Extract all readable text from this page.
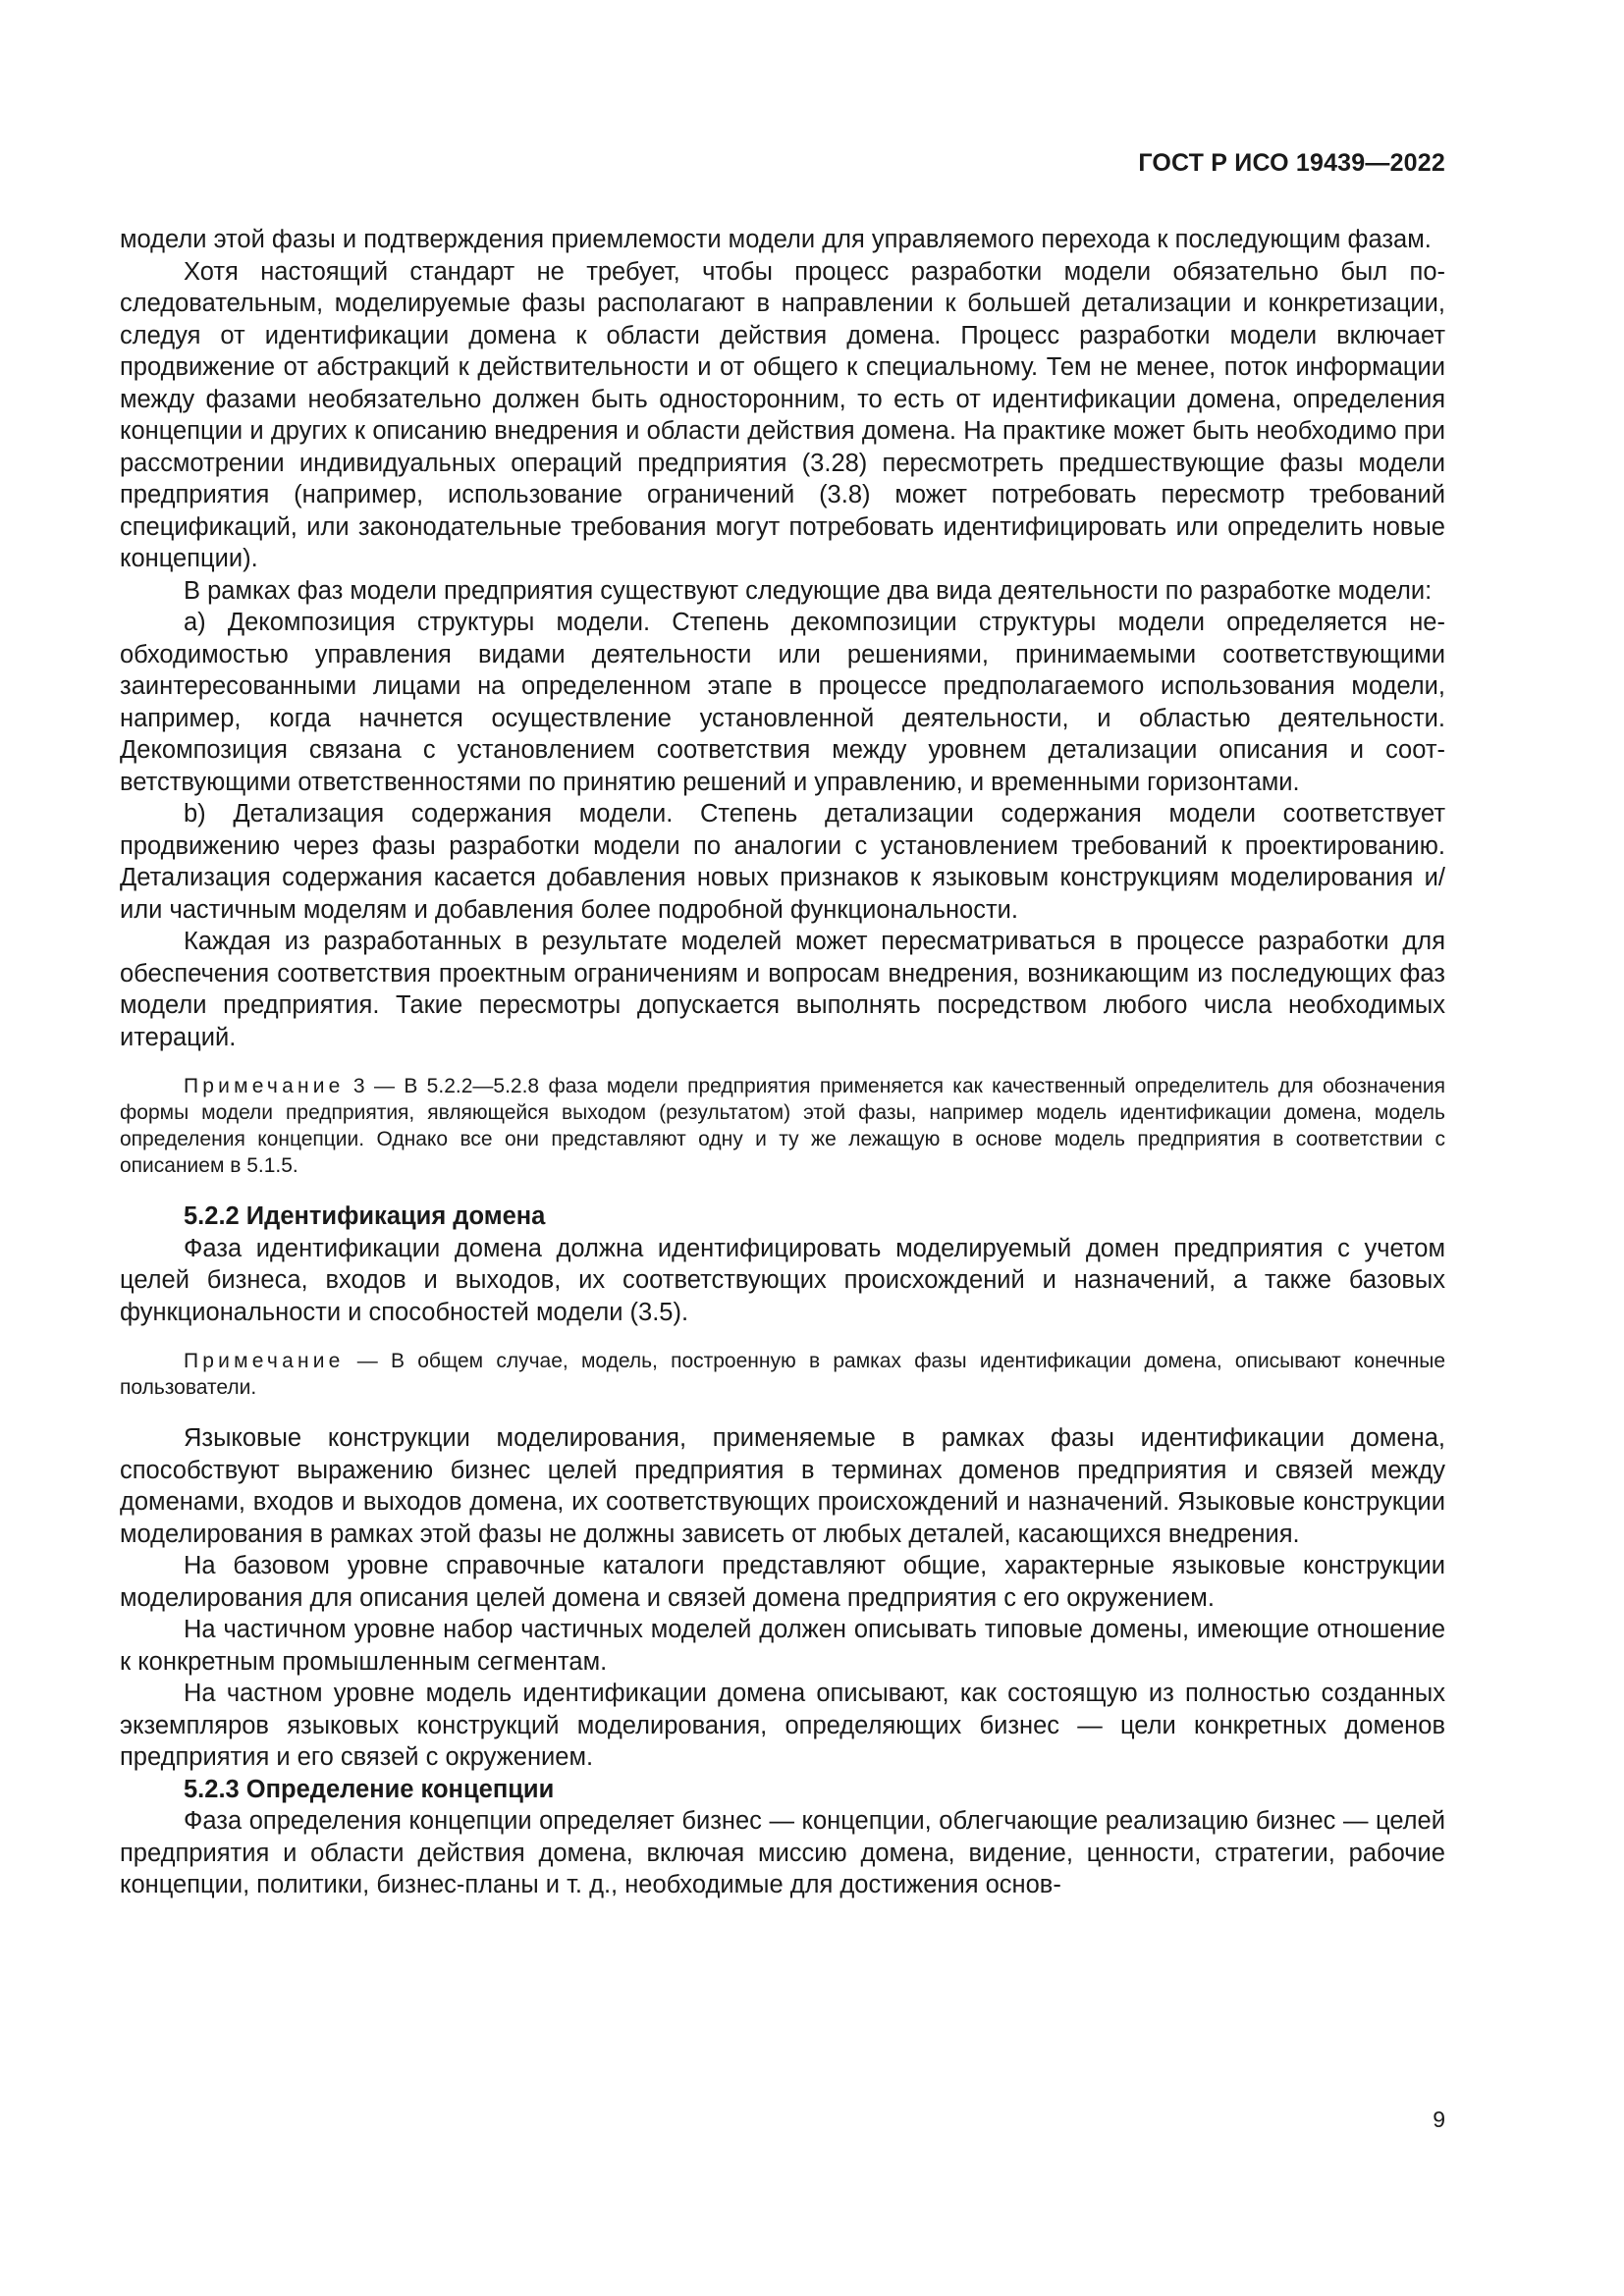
ГОСТ Р ИСО 19439—2022

модели этой фазы и подтверждения приемлемости модели для управляемого перехода к последующим фазам.

Хотя настоящий стандарт не требует, чтобы процесс разработки модели обязательно был последовательным, моделируемые фазы располагают в направлении к большей детализации и конкретизации, следуя от идентификации домена к области действия домена. Процесс разработки модели включает продвижение от абстракций к действительности и от общего к специальному. Тем не менее, поток информации между фазами необязательно должен быть односторонним, то есть от идентификации домена, определения концепции и других к описанию внедрения и области действия домена. На практике может быть необходимо при рассмотрении индивидуальных операций предприятия (3.28) пересмотреть предшествующие фазы модели предприятия (например, использование ограничений (3.8) может потребовать пересмотр требований спецификаций, или законодательные требования могут потребовать идентифицировать или определить новые концепции).

В рамках фаз модели предприятия существуют следующие два вида деятельности по разработке модели:

a) Декомпозиция структуры модели. Степень декомпозиции структуры модели определяется необходимостью управления видами деятельности или решениями, принимаемыми соответствующими заинтересованными лицами на определенном этапе в процессе предполагаемого использования модели, например, когда начнется осуществление установленной деятельности, и областью деятельности. Декомпозиция связана с установлением соответствия между уровнем детализации описания и соответствующими ответственностями по принятию решений и управлению, и временными горизонтами.

b) Детализация содержания модели. Степень детализации содержания модели соответствует продвижению через фазы разработки модели по аналогии с установлением требований к проектированию. Детализация содержания касается добавления новых признаков к языковым конструкциям моделирования и/или частичным моделям и добавления более подробной функциональности.

Каждая из разработанных в результате моделей может пересматриваться в процессе разработки для обеспечения соответствия проектным ограничениям и вопросам внедрения, возникающим из последующих фаз модели предприятия. Такие пересмотры допускается выполнять посредством любого числа необходимых итераций.

Примечание 3 — В 5.2.2—5.2.8 фаза модели предприятия применяется как качественный определитель для обозначения формы модели предприятия, являющейся выходом (результатом) этой фазы, например модель идентификации домена, модель определения концепции. Однако все они представляют одну и ту же лежащую в основе модель предприятия в соответствии с описанием в 5.1.5.

5.2.2 Идентификация домена

Фаза идентификации домена должна идентифицировать моделируемый домен предприятия с учетом целей бизнеса, входов и выходов, их соответствующих происхождений и назначений, а также базовых функциональности и способностей модели (3.5).

Примечание — В общем случае, модель, построенную в рамках фазы идентификации домена, описывают конечные пользователи.

Языковые конструкции моделирования, применяемые в рамках фазы идентификации домена, способствуют выражению бизнес целей предприятия в терминах доменов предприятия и связей между доменами, входов и выходов домена, их соответствующих происхождений и назначений. Языковые конструкции моделирования в рамках этой фазы не должны зависеть от любых деталей, касающихся внедрения.

На базовом уровне справочные каталоги представляют общие, характерные языковые конструкции моделирования для описания целей домена и связей домена предприятия с его окружением.

На частичном уровне набор частичных моделей должен описывать типовые домены, имеющие отношение к конкретным промышленным сегментам.

На частном уровне модель идентификации домена описывают, как состоящую из полностью созданных экземпляров языковых конструкций моделирования, определяющих бизнес — цели конкретных доменов предприятия и его связей с окружением.

5.2.3 Определение концепции

Фаза определения концепции определяет бизнес — концепции, облегчающие реализацию бизнес — целей предприятия и области действия домена, включая миссию домена, видение, ценности, стратегии, рабочие концепции, политики, бизнес-планы и т. д., необходимые для достижения основ-

9
